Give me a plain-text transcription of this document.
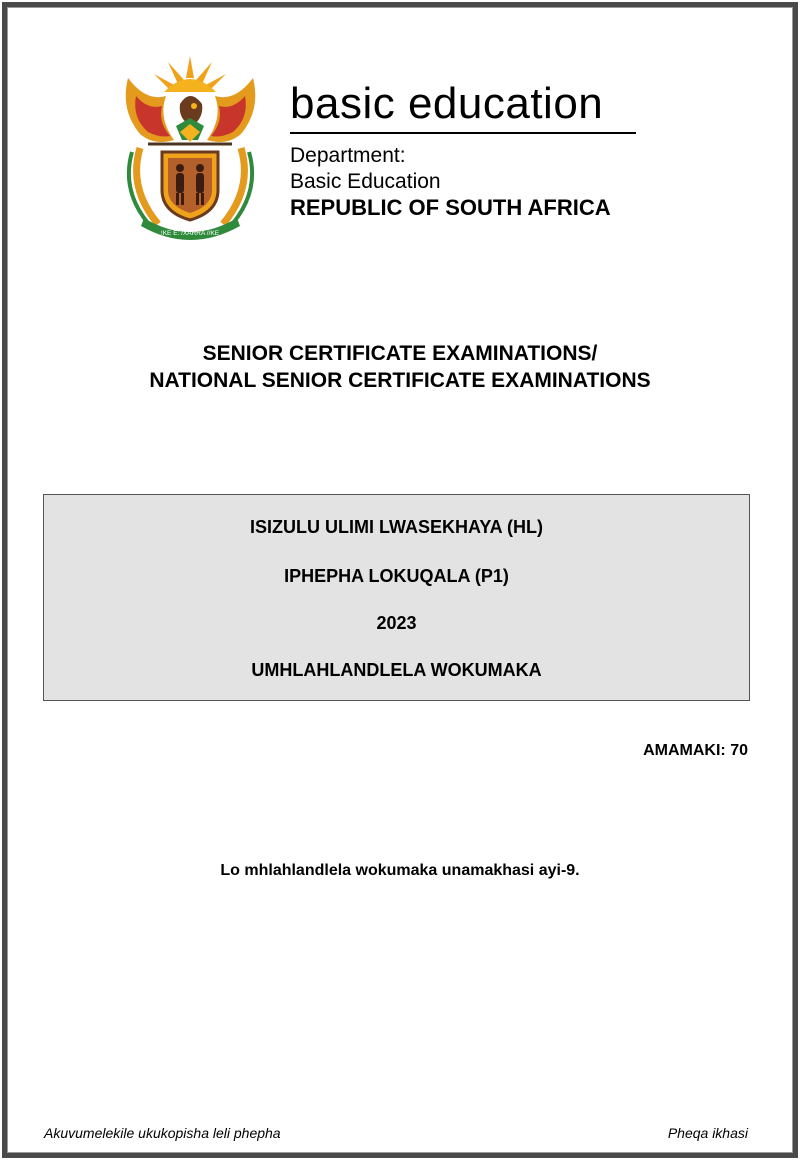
!KE E: /XARRA //KE
basic education
Department:
Basic Education
REPUBLIC OF SOUTH AFRICA
SENIOR CERTIFICATE EXAMINATIONS/
NATIONAL SENIOR CERTIFICATE EXAMINATIONS
ISIZULU ULIMI LWASEKHAYA (HL)
IPHEPHA LOKUQALA (P1)
2023
UMHLAHLANDLELA WOKUMAKA
AMAMAKI: 70
Lo mhlahlandlela wokumaka unamakhasi ayi-9.
Akuvumelekile ukukopisha leli phepha	Pheqa ikhasi
